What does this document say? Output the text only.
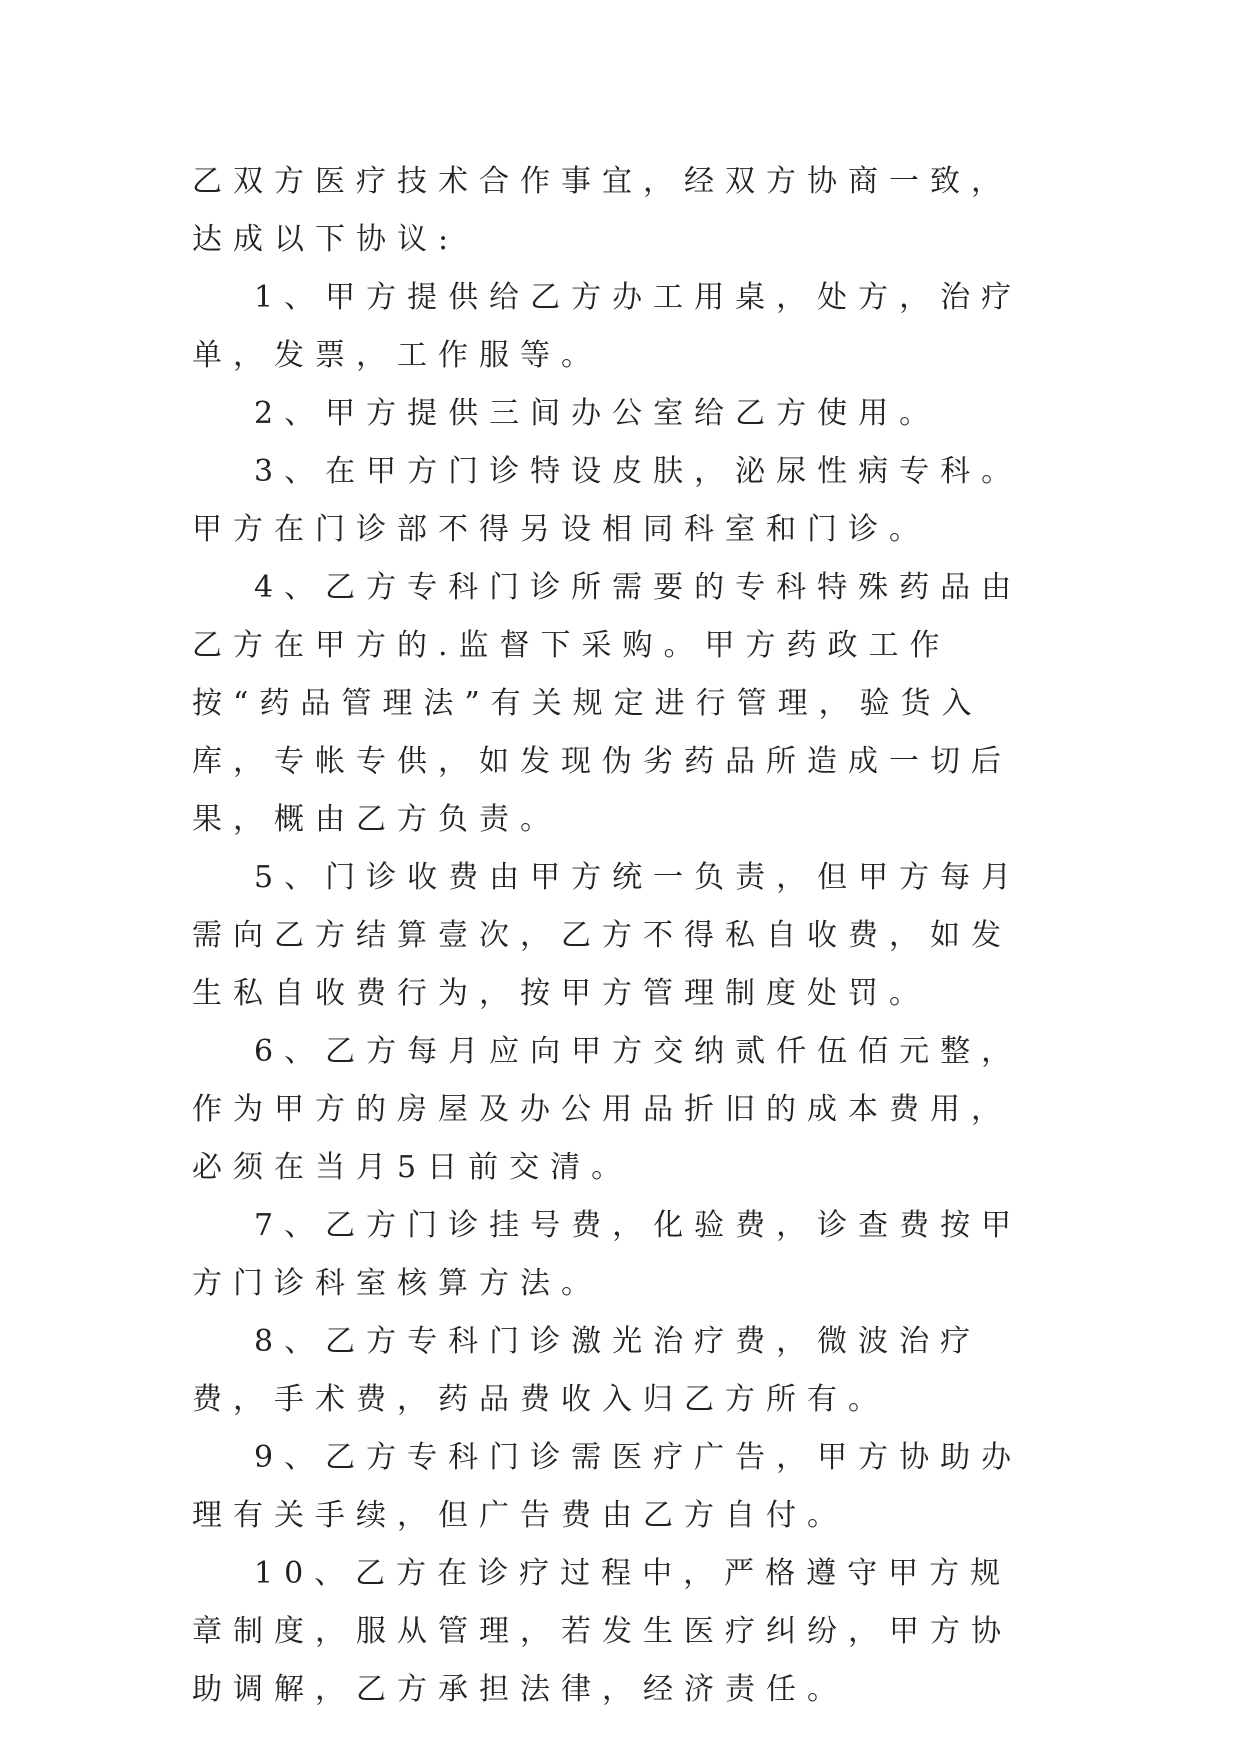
乙双方医疗技术合作事宜，经双方协商一致，达成以下协议:

1、甲方提供给乙方办工用桌，处方，治疗单，发票，工作服等。

2、甲方提供三间办公室给乙方使用。

3、在甲方门诊特设皮肤，泌尿性病专科。甲方在门诊部不得另设相同科室和门诊。

4、乙方专科门诊所需要的专科特殊药品由乙方在甲方的.监督下采购。甲方药政工作按“药品管理法”有关规定进行管理，验货入库，专帐专供，如发现伪劣药品所造成一切后果，概由乙方负责。

5、门诊收费由甲方统一负责，但甲方每月需向乙方结算壹次，乙方不得私自收费，如发生私自收费行为，按甲方管理制度处罚。

6、乙方每月应向甲方交纳贰仟伍佰元整，作为甲方的房屋及办公用品折旧的成本费用，必须在当月5日前交清。

7、乙方门诊挂号费，化验费，诊查费按甲方门诊科室核算方法。

8、乙方专科门诊激光治疗费，微波治疗费，手术费，药品费收入归乙方所有。

9、乙方专科门诊需医疗广告，甲方协助办理有关手续，但广告费由乙方自付。

10、乙方在诊疗过程中，严格遵守甲方规章制度，服从管理，若发生医疗纠纷，甲方协助调解，乙方承担法律，经济责任。
